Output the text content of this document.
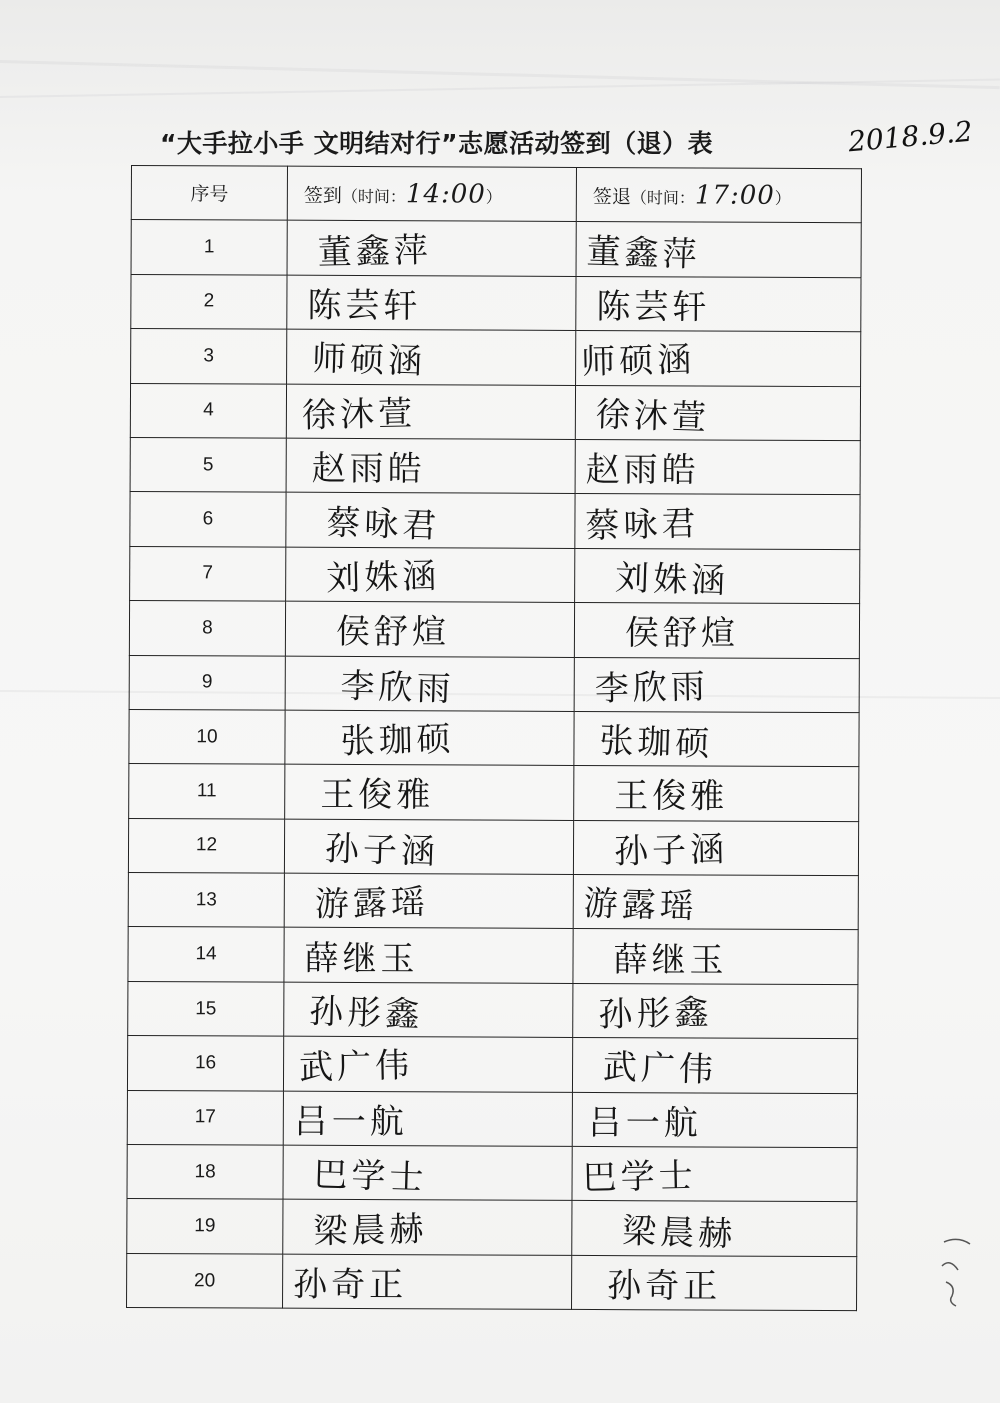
“大手拉小手 文明结对行”志愿活动签到（退）表	2018.9.2
序号	签到（时间：14:00）	签退（时间：17:00）
1	董鑫萍	董鑫萍
2	陈芸轩	陈芸轩
3	师硕涵	师硕涵
4	徐沐萱	徐沐萱
5	赵雨皓	赵雨皓
6	蔡咏君	蔡咏君
7	刘姝涵	刘姝涵
8	侯舒煊	侯舒煊
9	李欣雨	李欣雨
10	张珈硕	张珈硕
11	王俊雅	王俊雅
12	孙子涵	孙子涵
13	游露瑶	游露瑶
14	薛继玉	薛继玉
15	孙彤鑫	孙彤鑫
16	武广伟	武广伟
17	吕一航	吕一航
18	巴学士	巴学士
19	梁晨赫	梁晨赫
20	孙奇正	孙奇正
